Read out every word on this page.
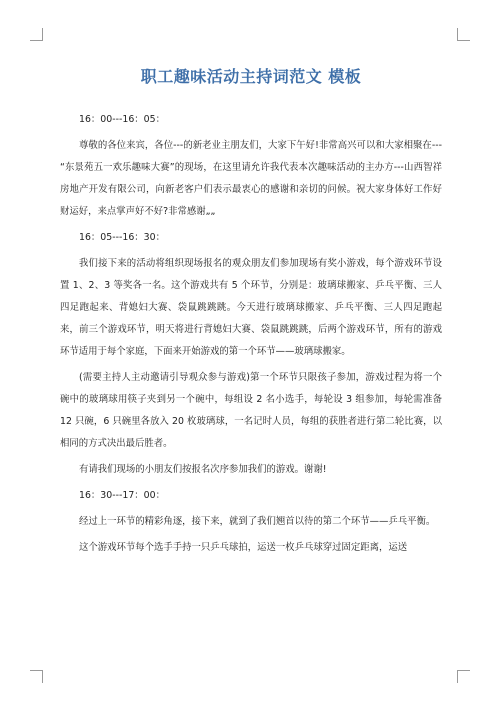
职工趣味活动主持词范文 模板
16：00---16：05：
尊敬的各位来宾，各位---的新老业主朋友们，大家下午好!非常高兴可以和大家相聚在--- “东景苑五一欢乐趣味大赛”的现场，在这里请允许我代表本次趣味活动的主办方---山西智祥房地产开发有限公司，向新老客户们表示最衷心的感谢和亲切的问候。祝大家身体好工作好财运好，来点掌声好不好?非常感谢„„
16：05---16：30：
我们接下来的活动将组织现场报名的观众朋友们参加现场有奖小游戏，每个游戏环节设置 1、2、3 等奖各一名。这个游戏共有 5 个环节，分别是：玻璃球搬家、乒乓平衡、三人四足跑起来、背媳妇大赛、袋鼠跳跳跳。今天进行玻璃球搬家、乒乓平衡、三人四足跑起来，前三个游戏环节，明天将进行背媳妇大赛、袋鼠跳跳跳，后两个游戏环节，所有的游戏环节适用于每个家庭，下面来开始游戏的第一个环节——玻璃球搬家。
(需要主持人主动邀请引导观众参与游戏)第一个环节只限孩子参加，游戏过程为将一个碗中的玻璃球用筷子夹到另一个碗中，每组设 2 名小选手，每轮设 3 组参加，每轮需准备 12 只碗，6 只碗里各放入 20 枚玻璃球，一名记时人员，每组的获胜者进行第二轮比赛，以相同的方式决出最后胜者。
有请我们现场的小朋友们按报名次序参加我们的游戏。谢谢!
16：30---17：00：
经过上一环节的精彩角逐，接下来，就到了我们翘首以待的第二个环节——乒乓平衡。
这个游戏环节每个选手手持一只乒乓球拍，运送一枚乒乓球穿过固定距离，运送
